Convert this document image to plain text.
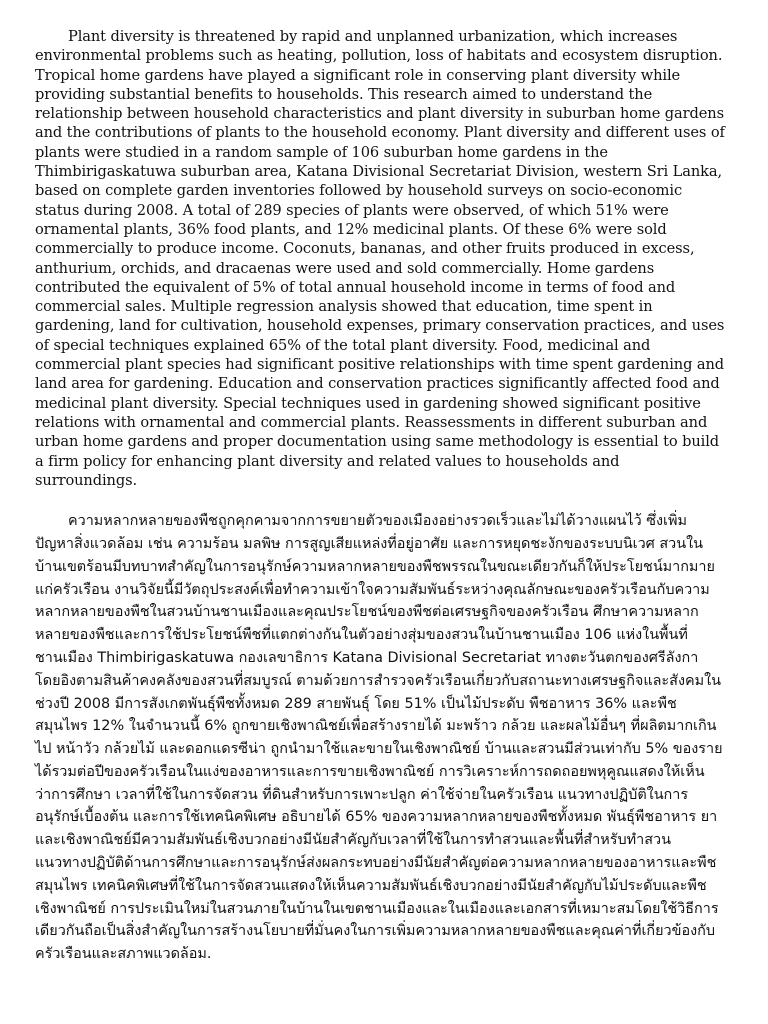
Plant diversity is threatened by rapid and unplanned urbanization, which increases environmental problems such as heating, pollution, loss of habitats and ecosystem disruption. Tropical home gardens have played a significant role in conserving plant diversity while providing substantial benefits to households. This research aimed to understand the relationship between household characteristics and plant diversity in suburban home gardens and the contributions of plants to the household economy. Plant diversity and different uses of plants were studied in a random sample of 106 suburban home gardens in the Thimbirigaskatuwa suburban area, Katana Divisional Secretariat Division, western Sri Lanka, based on complete garden inventories followed by household surveys on socio-economic status during 2008. A total of 289 species of plants were observed, of which 51% were ornamental plants, 36% food plants, and 12% medicinal plants. Of these 6% were sold commercially to produce income. Coconuts, bananas, and other fruits produced in excess, anthurium, orchids, and dracaenas were used and sold commercially. Home gardens contributed the equivalent of 5% of total annual household income in terms of food and commercial sales. Multiple regression analysis showed that education, time spent in gardening, land for cultivation, household expenses, primary conservation practices, and uses of special techniques explained 65% of the total plant diversity. Food, medicinal and commercial plant species had significant positive relationships with time spent gardening and land area for gardening. Education and conservation practices significantly affected food and medicinal plant diversity. Special techniques used in gardening showed significant positive relations with ornamental and commercial plants. Reassessments in different suburban and urban home gardens and proper documentation using same methodology is essential to build a firm policy for enhancing plant diversity and related values to households and surroundings.

ความหลากหลายของพืชถูกคุกคามจากการขยายตัวของเมืองอย่างรวดเร็วและไม่ได้วางแผนไว้ ซึ่งเพิ่มปัญหาสิ่งแวดล้อม เช่น ความร้อน มลพิษ การสูญเสียแหล่งที่อยู่อาศัย และการหยุดชะงักของระบบนิเวศ สวนในบ้านเขตร้อนมีบทบาทสำคัญในการอนุรักษ์ความหลากหลายของพืชพรรณในขณะเดียวกันก็ให้ประโยชน์มากมายแก่ครัวเรือน งานวิจัยนี้มีวัตถุประสงค์เพื่อทำความเข้าใจความสัมพันธ์ระหว่างคุณลักษณะของครัวเรือนกับความหลากหลายของพืชในสวนบ้านชานเมืองและคุณประโยชน์ของพืชต่อเศรษฐกิจของครัวเรือน ศึกษาความหลากหลายของพืชและการใช้ประโยชน์พืชที่แตกต่างกันในตัวอย่างสุ่มของสวนในบ้านชานเมือง 106 แห่งในพื้นที่ชานเมือง Thimbirigaskatuwa กองเลขาธิการ Katana Divisional Secretariat ทางตะวันตกของศรีลังกา โดยอิงตามสินค้าคงคลังของสวนที่สมบูรณ์ ตามด้วยการสำรวจครัวเรือนเกี่ยวกับสถานะทางเศรษฐกิจและสังคมในช่วงปี 2008 มีการสังเกตพันธุ์พืชทั้งหมด 289 สายพันธุ์ โดย 51% เป็นไม้ประดับ พืชอาหาร 36% และพืชสมุนไพร 12% ในจำนวนนี้ 6% ถูกขายเชิงพาณิชย์เพื่อสร้างรายได้ มะพร้าว กล้วย และผลไม้อื่นๆ ที่ผลิตมากเกินไป หน้าวัว กล้วยไม้ และดอกแดรซีน่า ถูกนำมาใช้และขายในเชิงพาณิชย์ บ้านและสวนมีส่วนเท่ากับ 5% ของรายได้รวมต่อปีของครัวเรือนในแง่ของอาหารและการขายเชิงพาณิชย์ การวิเคราะห์การถดถอยพหุคูณแสดงให้เห็นว่าการศึกษา เวลาที่ใช้ในการจัดสวน ที่ดินสำหรับการเพาะปลูก ค่าใช้จ่ายในครัวเรือน แนวทางปฏิบัติในการอนุรักษ์เบื้องต้น และการใช้เทคนิคพิเศษ อธิบายได้ 65% ของความหลากหลายของพืชทั้งหมด พันธุ์พืชอาหาร ยา และเชิงพาณิชย์มีความสัมพันธ์เชิงบวกอย่างมีนัยสำคัญกับเวลาที่ใช้ในการทำสวนและพื้นที่สำหรับทำสวน แนวทางปฏิบัติด้านการศึกษาและการอนุรักษ์ส่งผลกระทบอย่างมีนัยสำคัญต่อความหลากหลายของอาหารและพืชสมุนไพร เทคนิคพิเศษที่ใช้ในการจัดสวนแสดงให้เห็นความสัมพันธ์เชิงบวกอย่างมีนัยสำคัญกับไม้ประดับและพืชเชิงพาณิชย์ การประเมินใหม่ในสวนภายในบ้านในเขตชานเมืองและในเมืองและเอกสารที่เหมาะสมโดยใช้วิธีการเดียวกันถือเป็นสิ่งสำคัญในการสร้างนโยบายที่มั่นคงในการเพิ่มความหลากหลายของพืชและคุณค่าที่เกี่ยวข้องกับครัวเรือนและสภาพแวดล้อม.
